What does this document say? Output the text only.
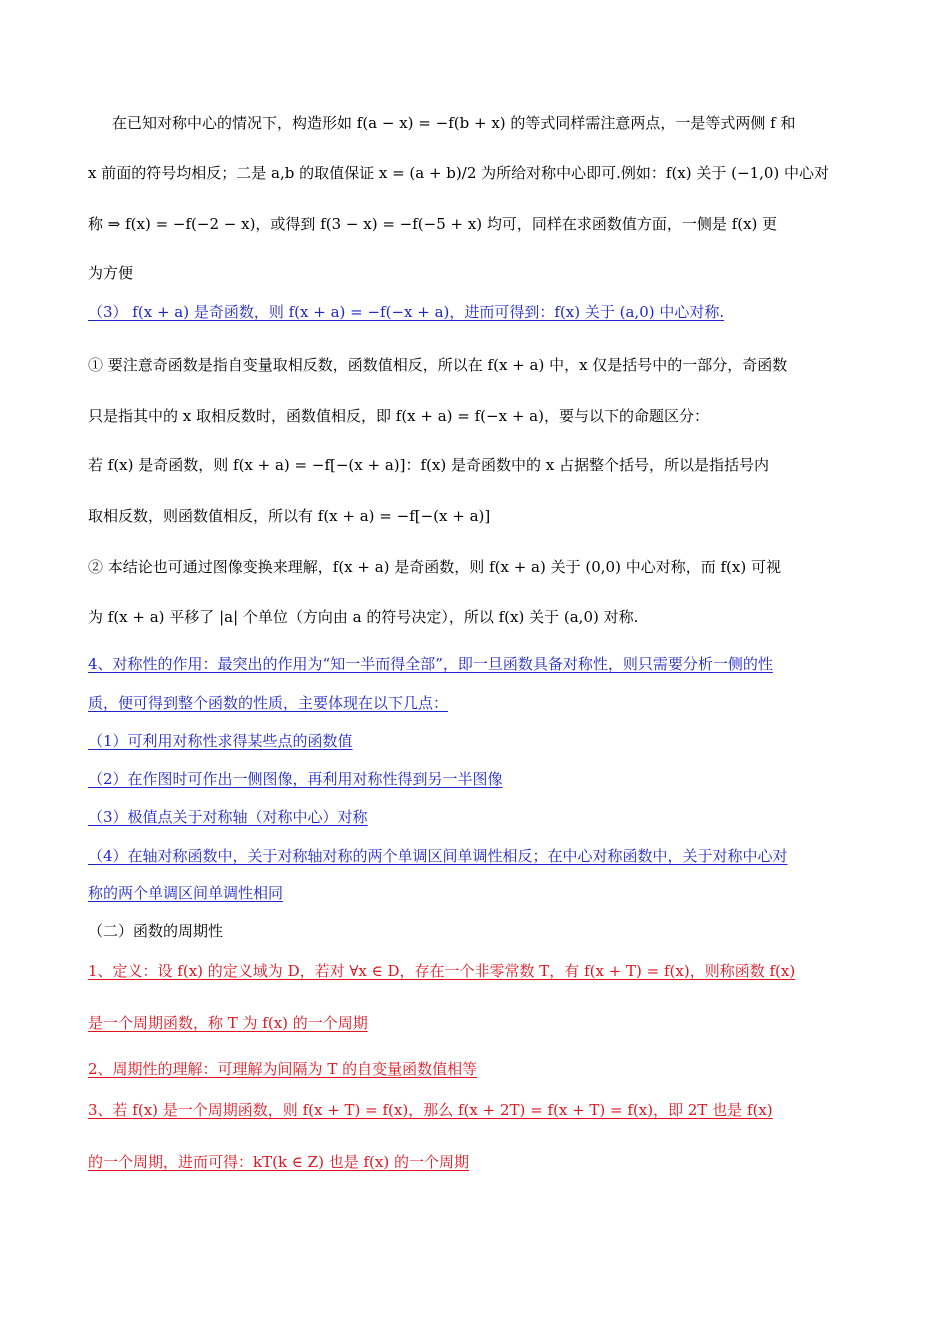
在已知对称中心的情况下，构造形如 f(a − x) = −f(b + x) 的等式同样需注意两点，一是等式两侧 f 和
x 前面的符号均相反；二是 a,b 的取值保证 x = (a + b)/2 为所给对称中心即可.例如：f(x) 关于 (−1,0) 中心对
称 ⇒ f(x) = −f(−2 − x)，或得到 f(3 − x) = −f(−5 + x) 均可，同样在求函数值方面，一侧是 f(x) 更
为方便
（3） f(x + a) 是奇函数，则 f(x + a) = −f(−x + a)，进而可得到：f(x) 关于 (a,0) 中心对称.
① 要注意奇函数是指自变量取相反数，函数值相反，所以在 f(x + a) 中，x 仅是括号中的一部分，奇函数
只是指其中的 x 取相反数时，函数值相反，即 f(x + a) = f(−x + a)，要与以下的命题区分：
若 f(x) 是奇函数，则 f(x + a) = −f[−(x + a)]：f(x) 是奇函数中的 x 占据整个括号，所以是指括号内
取相反数，则函数值相反，所以有 f(x + a) = −f[−(x + a)]
② 本结论也可通过图像变换来理解，f(x + a) 是奇函数，则 f(x + a) 关于 (0,0) 中心对称，而 f(x) 可视
为 f(x + a) 平移了 |a| 个单位（方向由 a 的符号决定），所以 f(x) 关于 (a,0) 对称.
4、对称性的作用：最突出的作用为“知一半而得全部”，即一旦函数具备对称性，则只需要分析一侧的性
质，便可得到整个函数的性质，主要体现在以下几点：
（1）可利用对称性求得某些点的函数值
（2）在作图时可作出一侧图像，再利用对称性得到另一半图像
（3）极值点关于对称轴（对称中心）对称
（4）在轴对称函数中，关于对称轴对称的两个单调区间单调性相反；在中心对称函数中，关于对称中心对
称的两个单调区间单调性相同
（二）函数的周期性
1、定义：设 f(x) 的定义域为 D，若对 ∀x ∈ D，存在一个非零常数 T，有 f(x + T) = f(x)，则称函数 f(x)
是一个周期函数，称 T 为 f(x) 的一个周期
2、周期性的理解：可理解为间隔为 T 的自变量函数值相等
3、若 f(x) 是一个周期函数，则 f(x + T) = f(x)，那么 f(x + 2T) = f(x + T) = f(x)，即 2T 也是 f(x)
的一个周期，进而可得：kT(k ∈ Z) 也是 f(x) 的一个周期
